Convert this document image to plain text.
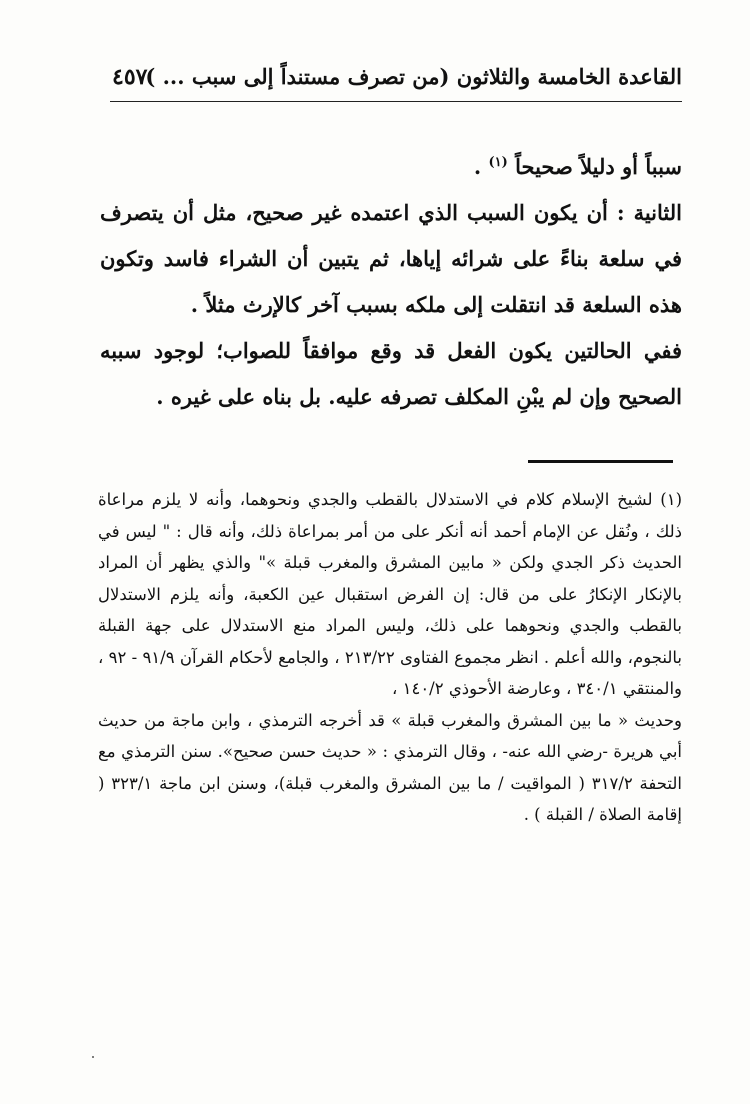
القاعدة الخامسة والثلاثون (من تصرف مستنداً إلى سبب ... )
٤٥٧

سبباً أو دليلاً صحيحاً $^{(١)}$ .

الثانية : أن يكون السبب الذي اعتمده غير صحيح، مثل أن يتصرف في سلعة بناءً على شرائه إياها، ثم يتبين أن الشراء فاسد وتكون هذه السلعة قد انتقلت إلى ملكه بسبب آخر كالإرث مثلاً .

ففي الحالتين يكون الفعل قد وقع موافقاً للصواب؛ لوجود سببه الصحيح وإن لم يبْنِ المكلف تصرفه عليه. بل بناه على غيره .

(١) لشيخ الإسلام كلام في الاستدلال بالقطب والجدي ونحوهما، وأنه لا يلزم مراعاة ذلك ، ونُقل عن الإمام أحمد أنه أنكر على من أمر بمراعاة ذلك، وأنه قال : " ليس في الحديث ذكر الجدي ولكن « مابين المشرق والمغرب قبلة »" والذي يظهر أن المراد بالإنكار الإنكارُ على من قال: إن الفرض استقبال عين الكعبة، وأنه يلزم الاستدلال بالقطب والجدي ونحوهما على ذلك، وليس المراد منع الاستدلال على جهة القبلة بالنجوم، والله أعلم . انظر مجموع الفتاوى ٢١٣/٢٢ ، والجامع لأحكام القرآن ٩١/٩ - ٩٢ ، والمنتقي ٣٤٠/١ ، وعارضة الأحوذي ١٤٠/٢ ،

وحديث « ما بين المشرق والمغرب قبلة » قد أخرجه الترمذي ، وابن ماجة من حديث أبي هريرة -رضي الله عنه- ، وقال الترمذي : « حديث حسن صحيح». سنن الترمذي مع التحفة ٣١٧/٢ ( المواقيت / ما بين المشرق والمغرب قبلة)، وسنن ابن ماجة ٣٢٣/١ ( إقامة الصلاة / القبلة ) .
